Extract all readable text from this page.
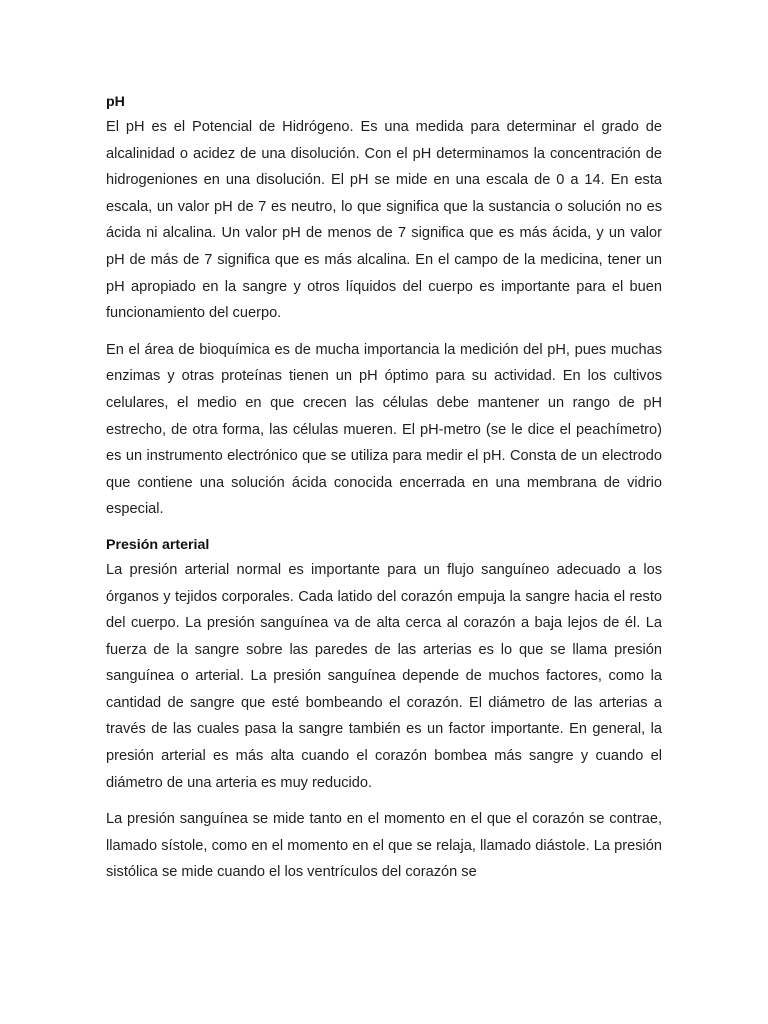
pH

El pH es el Potencial de Hidrógeno. Es una medida para determinar el grado de alcalinidad o acidez de una disolución. Con el pH determinamos la concentración de hidrogeniones en una disolución. El pH se mide en una escala de 0 a 14. En esta escala, un valor pH de 7 es neutro, lo que significa que la sustancia o solución no es ácida ni alcalina. Un valor pH de menos de 7 significa que es más ácida, y un valor pH de más de 7 significa que es más alcalina. En el campo de la medicina, tener un pH apropiado en la sangre y otros líquidos del cuerpo es importante para el buen funcionamiento del cuerpo.

En el área de bioquímica es de mucha importancia la medición del pH, pues muchas enzimas y otras proteínas tienen un pH óptimo para su actividad. En los cultivos celulares, el medio en que crecen las células debe mantener un rango de pH estrecho, de otra forma, las células mueren. El pH-metro (se le dice el peachímetro) es un instrumento electrónico que se utiliza para medir el pH. Consta de un electrodo que contiene una solución ácida conocida encerrada en una membrana de vidrio especial.

Presión arterial

La presión arterial normal es importante para un flujo sanguíneo adecuado a los órganos y tejidos corporales. Cada latido del corazón empuja la sangre hacia el resto del cuerpo. La presión sanguínea va de alta cerca al corazón a baja lejos de él. La fuerza de la sangre sobre las paredes de las arterias es lo que se llama presión sanguínea o arterial. La presión sanguínea depende de muchos factores, como la cantidad de sangre que esté bombeando el corazón. El diámetro de las arterias a través de las cuales pasa la sangre también es un factor importante. En general, la presión arterial es más alta cuando el corazón bombea más sangre y cuando el diámetro de una arteria es muy reducido.

La presión sanguínea se mide tanto en el momento en el que el corazón se contrae, llamado sístole, como en el momento en el que se relaja, llamado diástole. La presión sistólica se mide cuando el los ventrículos del corazón se
